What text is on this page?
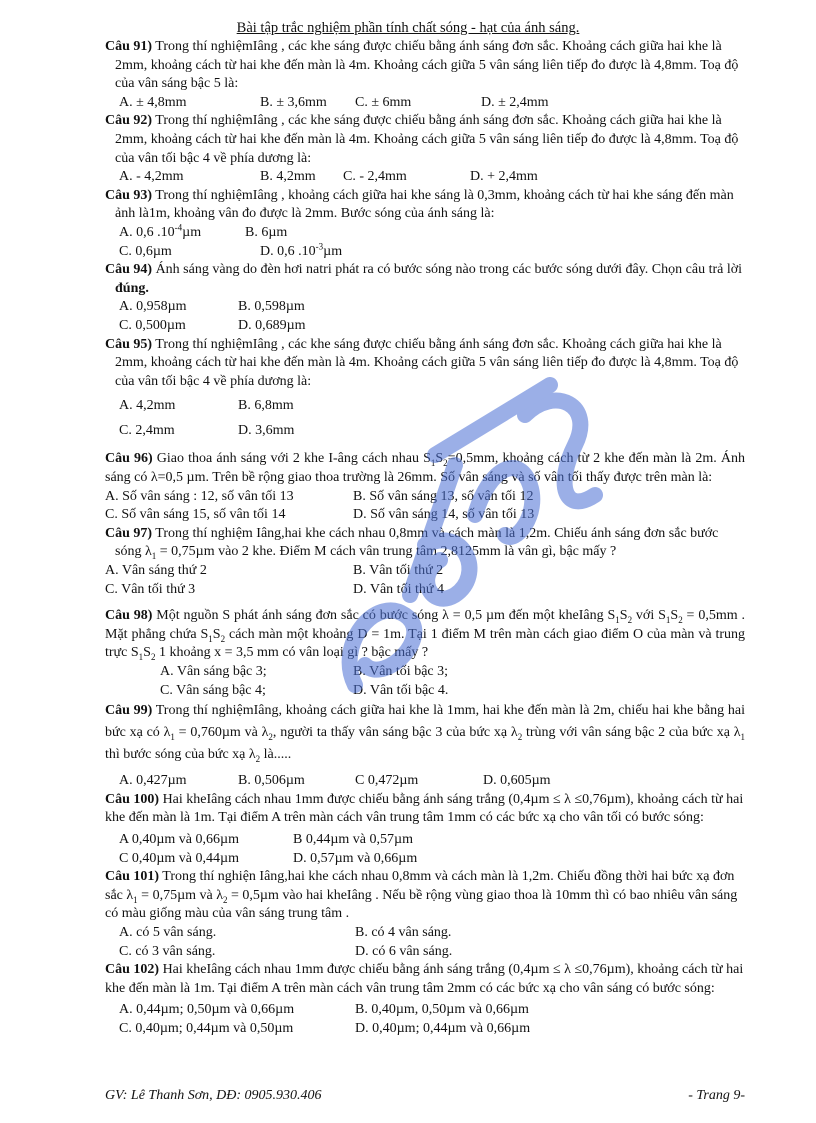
Bài tập trắc nghiệm phần tính chất sóng - hạt của ánh sáng.

Câu 91) Trong thí nghiệmIâng , các khe sáng được chiếu bằng ánh sáng đơn sắc. Khoảng cách giữa hai khe là 2mm, khoảng cách từ hai khe đến màn là 4m. Khoảng cách giữa 5 vân sáng liên tiếp đo được là 4,8mm. Toạ độ của vân sáng bậc 5 là:

A. ± 4,8mm	B. ± 3,6mm C. ± 6mm	D. ± 2,4mm

Câu 92) Trong thí nghiệmIâng , các khe sáng được chiếu bằng ánh sáng đơn sắc. Khoảng cách giữa hai khe là 2mm, khoảng cách từ hai khe đến màn là 4m. Khoảng cách giữa 5 vân sáng liên tiếp đo được là 4,8mm. Toạ độ của vân tối bậc 4 về phía dương là:

A. - 4,2mm	B. 4,2mm C. - 2,4mm	D. + 2,4mm

Câu 93) Trong thí nghiệmIâng , khoảng cách giữa hai khe sáng là 0,3mm, khoảng cách từ hai khe sáng đến màn ảnh là1m, khoảng vân đo được là 2mm. Bước sóng của ánh sáng là:

A. 0,6 $.10^{-4}\mu m$	B. 6µm
C. 0,6µm	D. 0,6 $.10^{-3}\mu m$

Câu 94) Ánh sáng vàng do đèn hơi natri phát ra có bước sóng nào trong các bước sóng dưới đây. Chọn câu trả lời đúng.

A. 0,958µm	B. 0,598µm
C. 0,500µm	D. 0,689µm

Câu 95) Trong thí nghiệmIâng , các khe sáng được chiếu bằng ánh sáng đơn sắc. Khoảng cách giữa hai khe là 2mm, khoảng cách từ hai khe đến màn là 4m. Khoảng cách giữa 5 vân sáng liên tiếp đo được là 4,8mm. Toạ độ của vân tối bậc 4 về phía dương là:

A. 4,2mm	B. 6,8mm
C. 2,4mm	D. 3,6mm

Câu 96) Giao thoa ánh sáng với 2 khe I-âng cách nhau $S_1S_2=0,5mm$, khoảng cách từ 2 khe đến màn là 2m. Ánh sáng có λ=0,5 µm. Trên bề rộng giao thoa trường là 26mm. Số vân sáng và số vân tối thấy được trên màn là:

A. Số vân sáng : 12, số vân tối 13	B. Số vân sáng 13, số vân tối 12
C. Số vân sáng 15, số vân tối 14	D. Số vân sáng 14, số vân tối 13

Câu 97) Trong thí nghiệm Iâng,hai khe cách nhau 0,8mm và cách màn là 1,2m. Chiếu ánh sáng đơn sắc bước sóng $\lambda_1 = 0,75\mu m$ vào 2 khe. Điểm M cách vân trung tâm 2,8125mm là vân gì, bậc mấy ?

A. Vân sáng thứ 2	B. Vân tối thứ 2
C. Vân tối thứ 3	D. Vân tối thứ 4

Câu 98) Một nguồn S phát ánh sáng đơn sắc có bước sóng λ = 0,5 µm đến một kheIâng $S_1S_2$ với $S_1S_2 = 0,5mm$ . Mặt phẳng chứa $S_1S_2$ cách màn một khoảng D = 1m. Tại 1 điểm M trên màn cách giao điểm O của màn và trung trực $S_1S_2$ 1 khoảng x = 3,5 mm có vân loại gì ? bậc mấy ?

A. Vân sáng bậc 3;	B. Vân tối bậc 3;
C. Vân sáng bậc 4;	D. Vân tối bậc 4.

Câu 99) Trong thí nghiệmIâng, khoảng cách giữa hai khe là 1mm, hai khe đến màn là 2m, chiếu hai khe bằng hai bức xạ có $\lambda_1 = 0,760\mu m$ và $\lambda_2$, người ta thấy vân sáng bậc 3 của bức xạ $\lambda_2$ trùng với vân sáng bậc 2 của bức xạ $\lambda_1$ thì bước sóng của bức xạ $\lambda_2$ là.....

A. 0,427µm	B. 0,506µm	C 0,472µm	D. 0,605µm

Câu 100) Hai kheIâng cách nhau 1mm được chiếu bằng ánh sáng trắng (0,4µm ≤ λ ≤0,76µm), khoảng cách từ hai khe đến màn là 1m. Tại điểm A trên màn cách vân trung tâm 1mm có các bức xạ cho vân tối có bước sóng:

A 0,40µm và 0,66µm	B 0,44µm và 0,57µm
C 0,40µm và 0,44µm	D. 0,57µm và 0,66µm

Câu 101) Trong thí nghiện Iâng,hai khe cách nhau 0,8mm và cách màn là 1,2m. Chiếu đồng thời hai bức xạ đơn sắc $\lambda_1 = 0,75\mu m$ và $\lambda_2 = 0,5\mu m$ vào hai kheIâng . Nếu bề rộng vùng giao thoa là 10mm thì có bao nhiêu vân sáng có màu giống màu của vân sáng trung tâm .

A. có 5 vân sáng.	B. có 4 vân sáng.
C. có 3 vân sáng.	D. có 6 vân sáng.

Câu 102) Hai kheIâng cách nhau 1mm được chiếu bằng ánh sáng trắng (0,4µm ≤ λ ≤0,76µm), khoảng cách từ hai khe đến màn là 1m. Tại điểm A trên màn cách vân trung tâm 2mm có các bức xạ cho vân sáng có bước sóng:

A. 0,44µm; 0,50µm và 0,66µm	B. 0,40µm, 0,50µm và 0,66µm
C. 0,40µm; 0,44µm và 0,50µm	D. 0,40µm; 0,44µm và 0,66µm
GV: Lê Thanh Sơn, DĐ: 0905.930.406	- Trang 9-
